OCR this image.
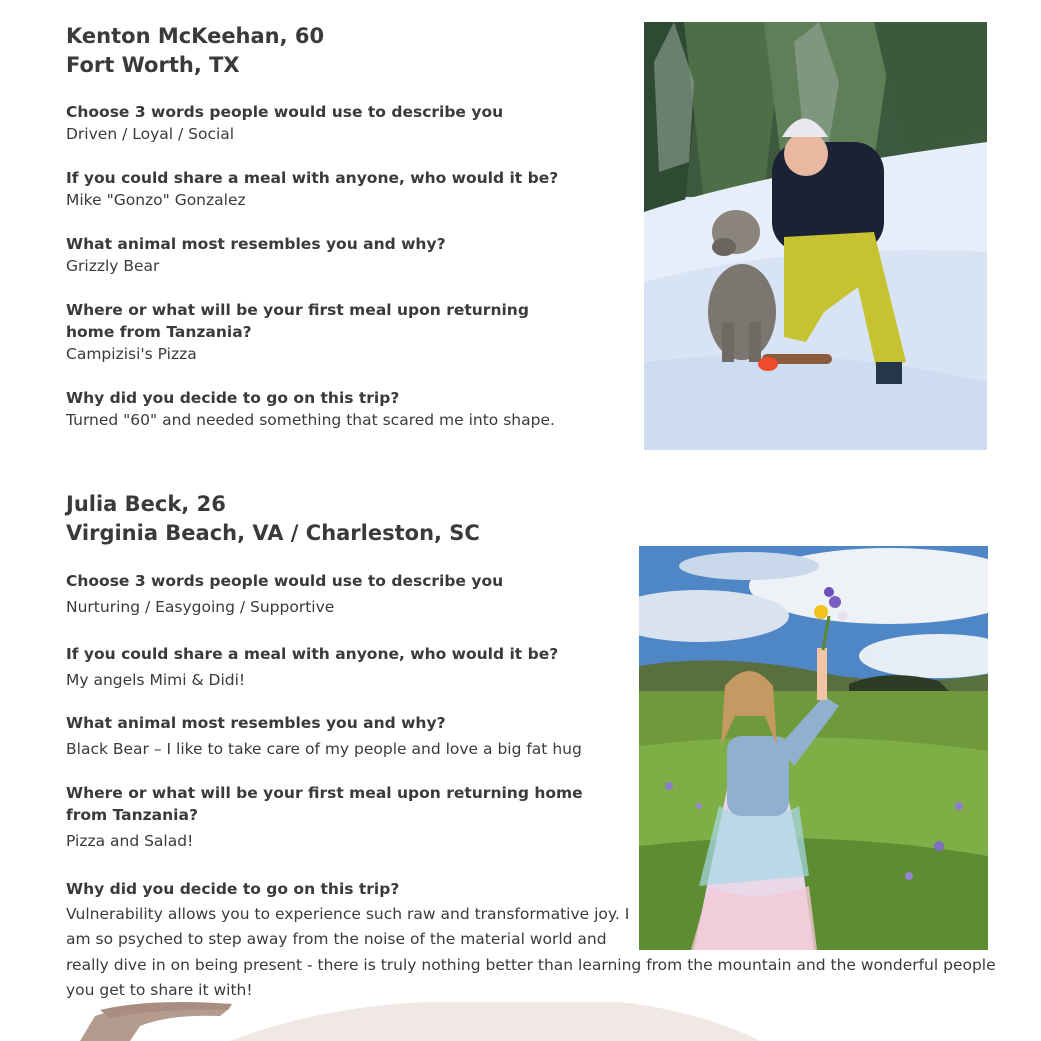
Kenton McKeehan, 60
Fort Worth, TX
Choose 3 words people would use to describe you
Driven / Loyal / Social
If you could share a meal with anyone, who would it be?
Mike "Gonzo" Gonzalez
What animal most resembles you and why?
Grizzly Bear
Where or what will be your first meal upon returning
home from Tanzania?
Campizisi's Pizza
Why did you decide to go on this trip?
Turned "60" and needed something that scared me into shape.
Julia Beck, 26
Virginia Beach, VA / Charleston, SC
Choose 3 words people would use to describe you
Nurturing / Easygoing / Supportive
If you could share a meal with anyone, who would it be?
My angels Mimi & Didi!
What animal most resembles you and why?
Black Bear – I like to take care of my people and love a big fat hug
Where or what will be your first meal upon returning home
from Tanzania?
Pizza and Salad!
Why did you decide to go on this trip?
Vulnerability allows you to experience such raw and transformative joy. I
am so psyched to step away from the noise of the material world and
really dive in on being present - there is truly nothing better than learning from the mountain and the wonderful people
you get to share it with!
